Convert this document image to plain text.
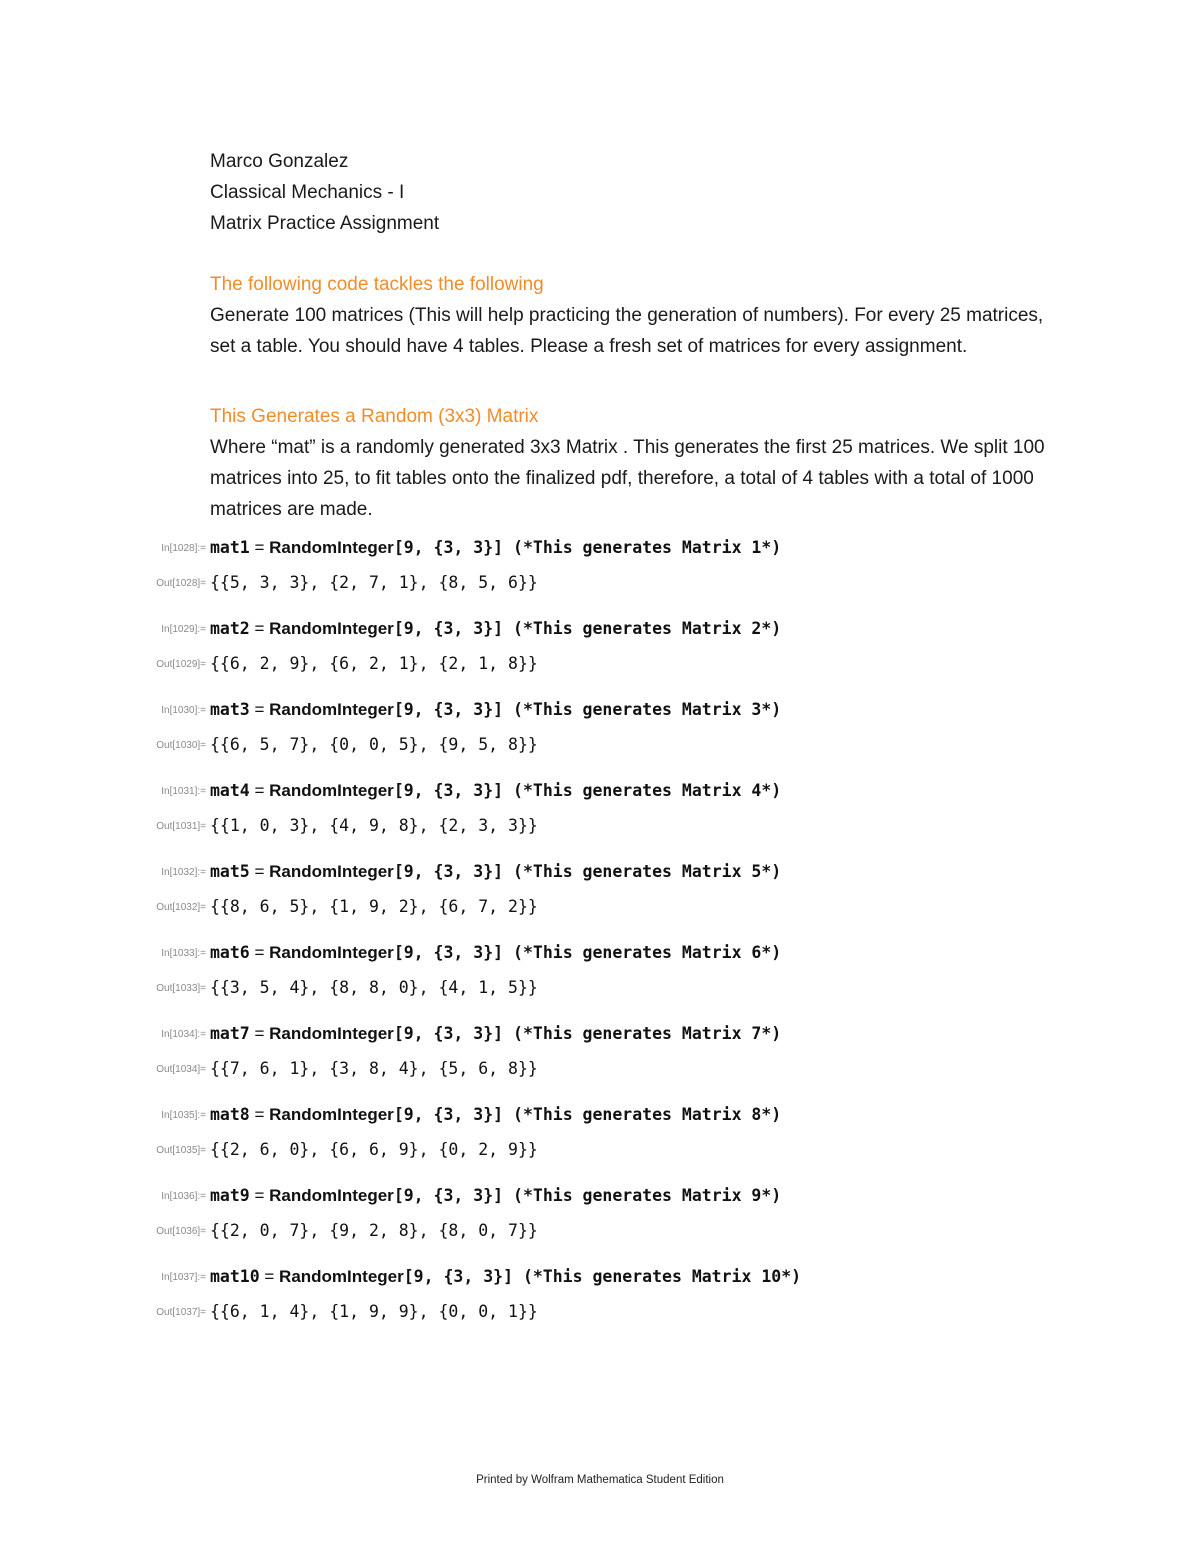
Marco Gonzalez
Classical Mechanics - I
Matrix Practice Assignment
The following code tackles the following
Generate 100 matrices (This will help practicing the generation of numbers). For every 25 matrices, set a table. You should have 4 tables. Please a fresh set of matrices for every assignment.
This Generates a Random (3x3) Matrix
Where “mat” is a randomly generated 3x3 Matrix . This generates the first 25 matrices. We split 100 matrices into 25, to fit tables onto the finalized pdf, therefore, a total of 4 tables with a total of 1000 matrices are made.
In[1028]:= mat1 = RandomInteger[9, {3, 3}] (*This generates Matrix 1*)
Out[1028]= {{5, 3, 3}, {2, 7, 1}, {8, 5, 6}}
In[1029]:= mat2 = RandomInteger[9, {3, 3}] (*This generates Matrix 2*)
Out[1029]= {{6, 2, 9}, {6, 2, 1}, {2, 1, 8}}
In[1030]:= mat3 = RandomInteger[9, {3, 3}] (*This generates Matrix 3*)
Out[1030]= {{6, 5, 7}, {0, 0, 5}, {9, 5, 8}}
In[1031]:= mat4 = RandomInteger[9, {3, 3}] (*This generates Matrix 4*)
Out[1031]= {{1, 0, 3}, {4, 9, 8}, {2, 3, 3}}
In[1032]:= mat5 = RandomInteger[9, {3, 3}] (*This generates Matrix 5*)
Out[1032]= {{8, 6, 5}, {1, 9, 2}, {6, 7, 2}}
In[1033]:= mat6 = RandomInteger[9, {3, 3}] (*This generates Matrix 6*)
Out[1033]= {{3, 5, 4}, {8, 8, 0}, {4, 1, 5}}
In[1034]:= mat7 = RandomInteger[9, {3, 3}] (*This generates Matrix 7*)
Out[1034]= {{7, 6, 1}, {3, 8, 4}, {5, 6, 8}}
In[1035]:= mat8 = RandomInteger[9, {3, 3}] (*This generates Matrix 8*)
Out[1035]= {{2, 6, 0}, {6, 6, 9}, {0, 2, 9}}
In[1036]:= mat9 = RandomInteger[9, {3, 3}] (*This generates Matrix 9*)
Out[1036]= {{2, 0, 7}, {9, 2, 8}, {8, 0, 7}}
In[1037]:= mat10 = RandomInteger[9, {3, 3}] (*This generates Matrix 10*)
Out[1037]= {{6, 1, 4}, {1, 9, 9}, {0, 0, 1}}
Printed by Wolfram Mathematica Student Edition
